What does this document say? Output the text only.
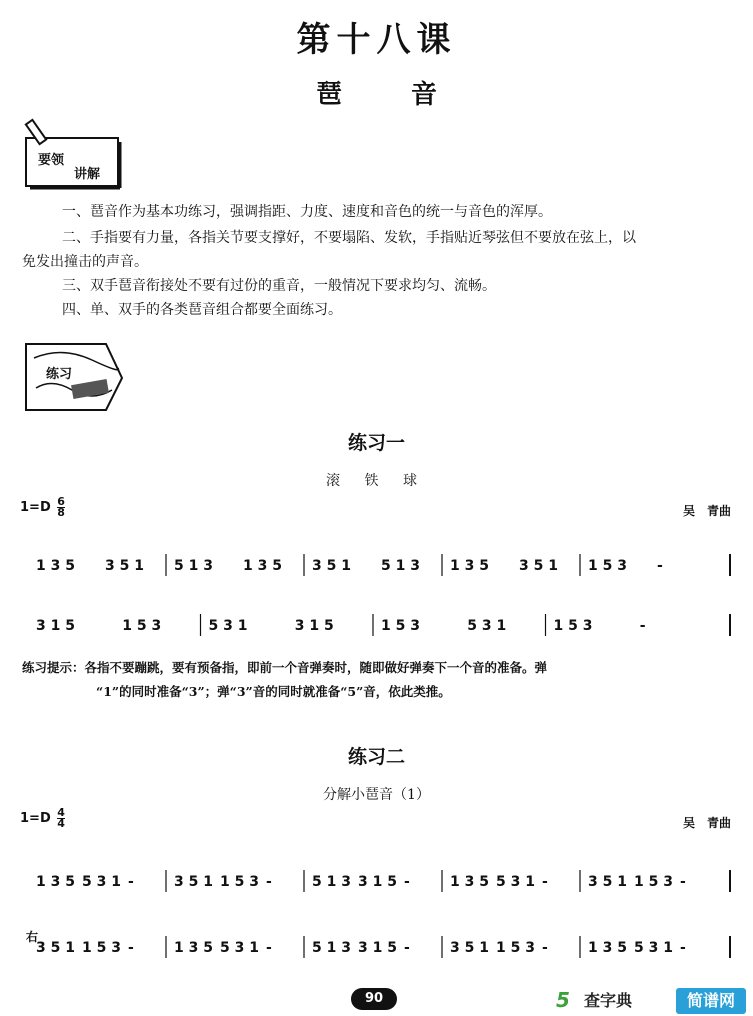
第十八课
琶 音
要领
讲解
一、琶音作为基本功练习，强调指距、力度、速度和音色的统一与音色的浑厚。
二、手指要有力量，各指关节要支撑好，不要塌陷、发软，手指贴近琴弦但不要放在弦上，以
免发出撞击的声音。
三、双手琶音衔接处不要有过份的重音，一般情况下要求均匀、流畅。
四、单、双手的各类琶音组合都要全面练习。
练习
练习一
滚 铁 球
$1=D \frac{6}{8}$	吴　青曲
1 3 5 3 5 1 5 1 3 1 3 5 3 5 1 5 1 3 1 3 5 3 5 1 1 5 3 -
3 1 5	1 5 3	5 3 1	3 1 5	1 5 3	5 3 1	1 5 3	-
练习提示：各指不要蹦跳，要有预备指，即前一个音弹奏时，随即做好弹奏下一个音的准备。弹
“1”的同时准备“3”；弹“3”音的同时就准备“5”音，依此类推。
练习二
分解小琶音（1）
$1=D \frac{4}{4}$	吴　青曲
1 3 5 5 3 1 -	3 5 1 1 5 3 -	5 1 3 3 1 5 -	1 3 5 5 3 1 -	3 5 1 1 5 3 -
右
3 5 1 1 5 3 -	1 3 5 5 3 1 -	5 1 3 3 1 5 -	3 5 1 1 5 3 -	1 3 5 5 3 1 -
90	5 查字典	简谱网
